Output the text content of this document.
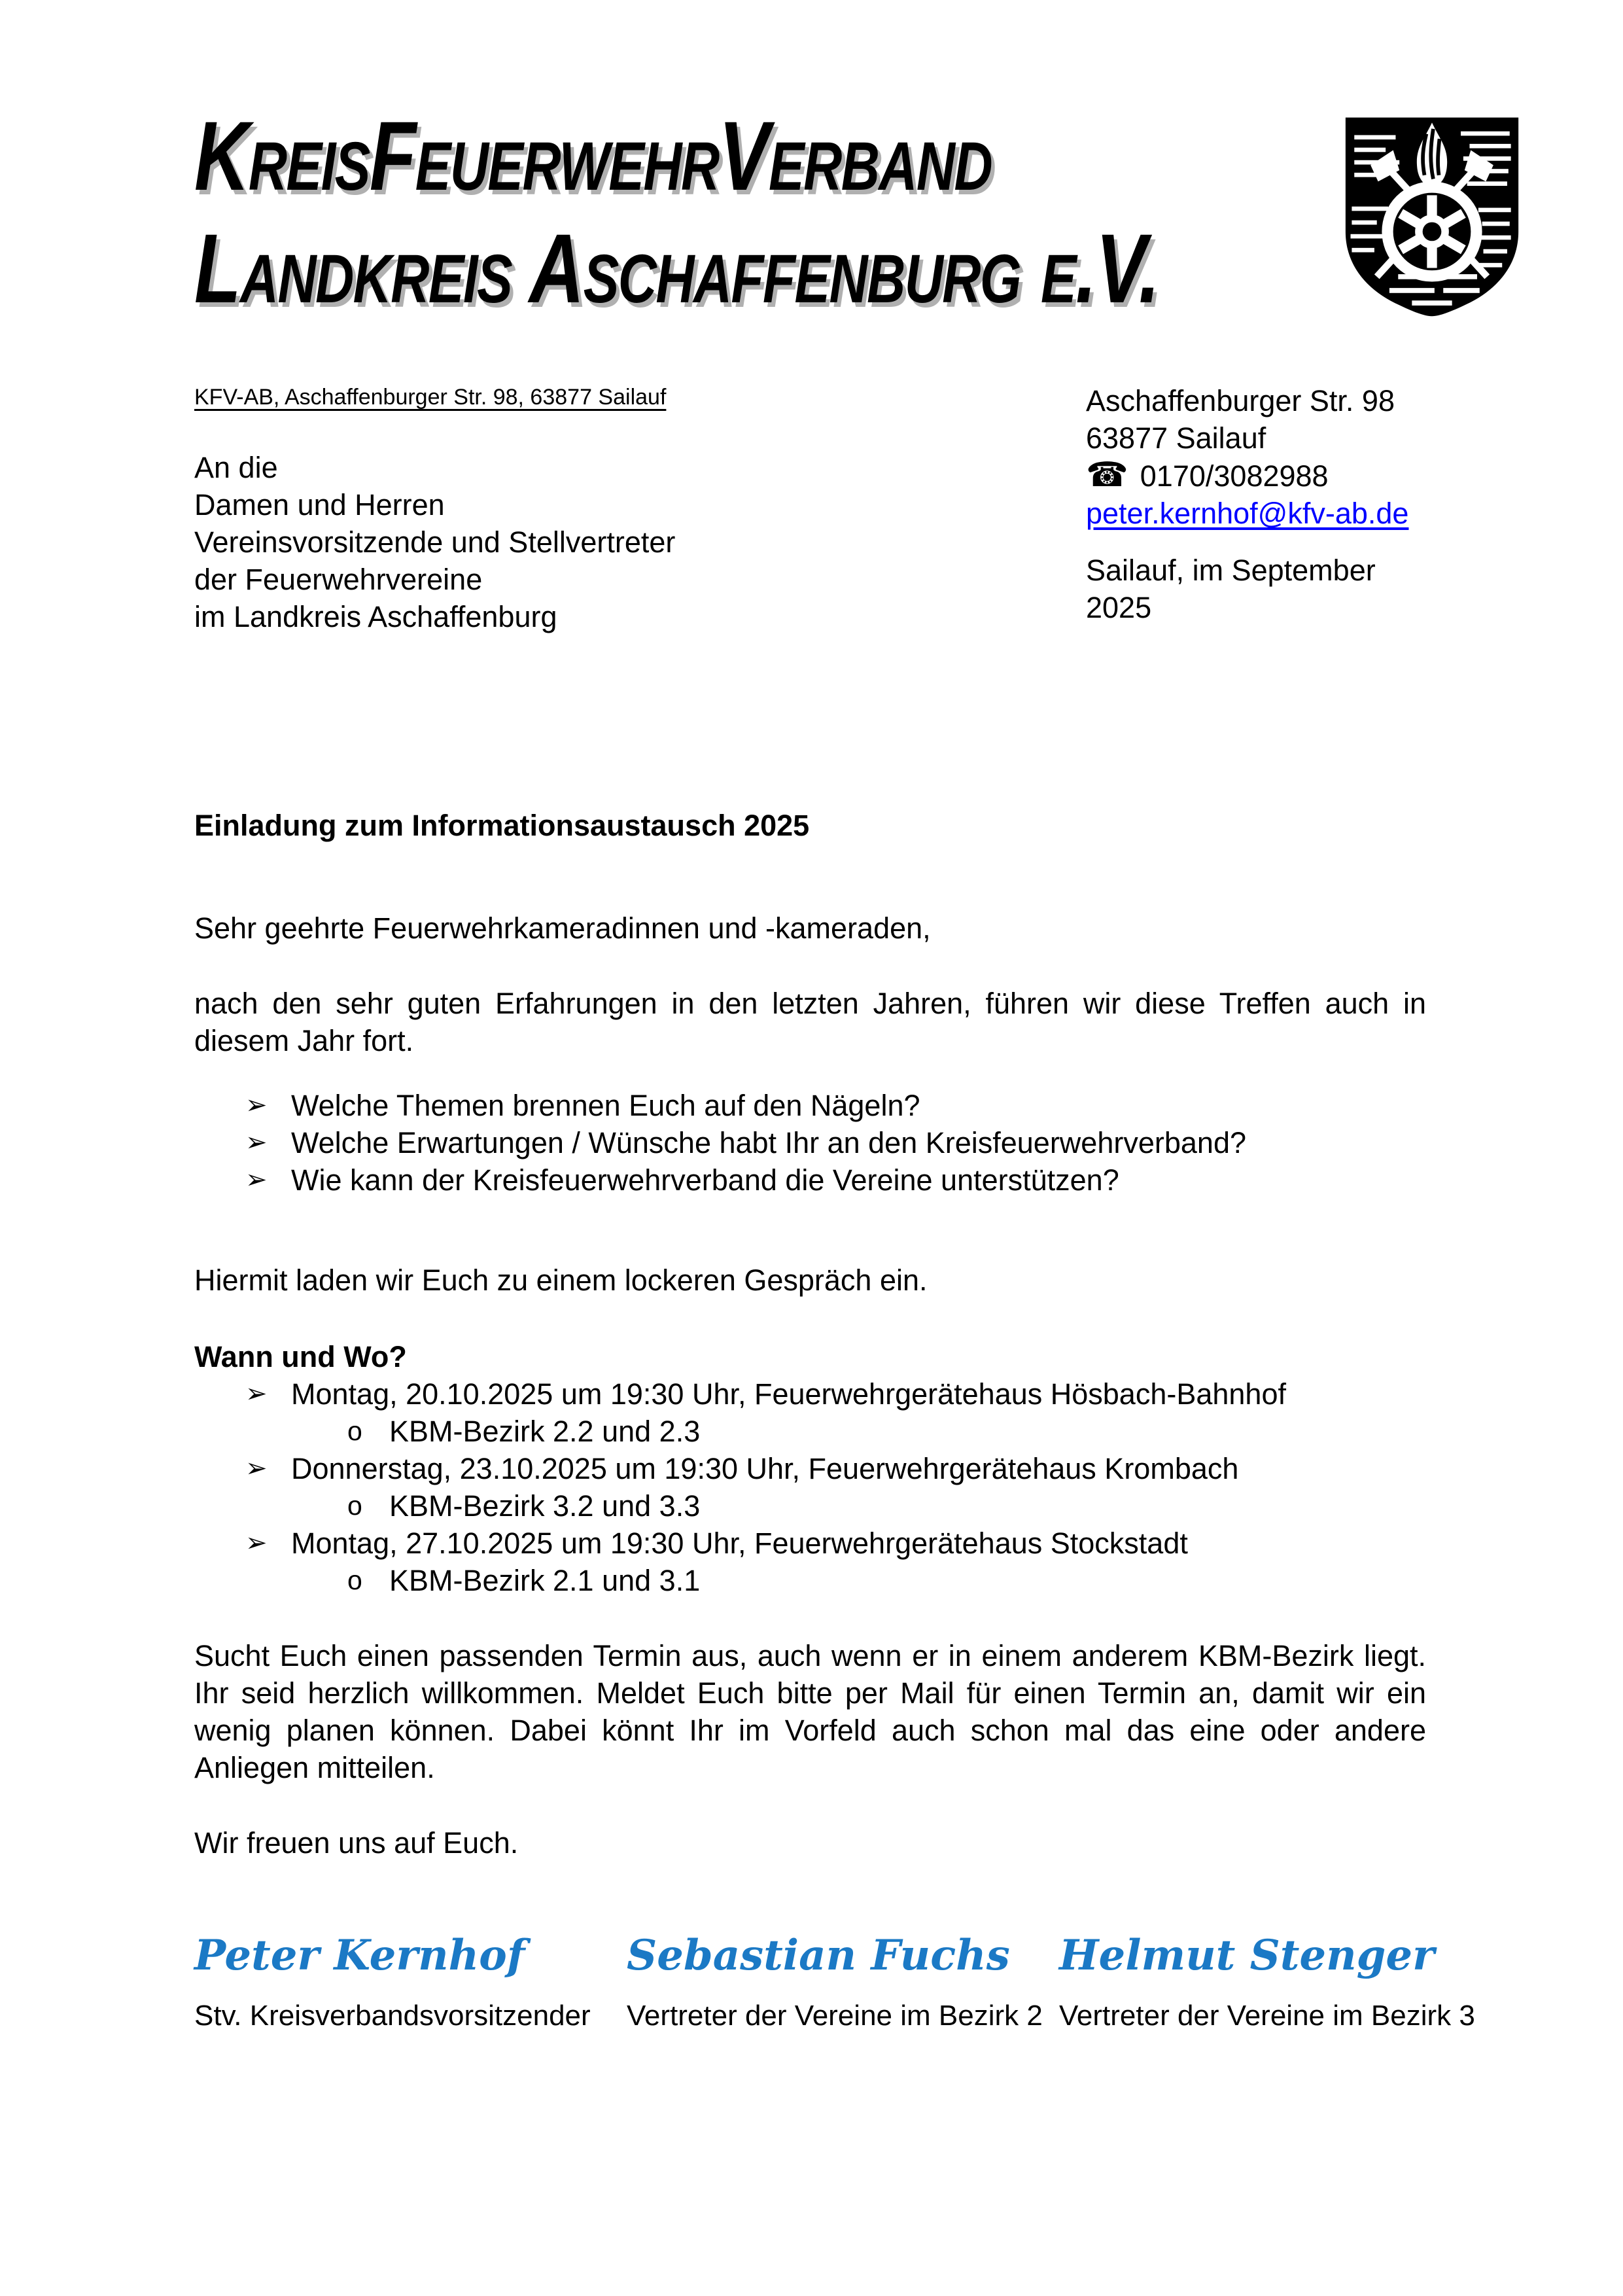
KreisFeuerwehrVerband
Landkreis Aschaffenburg e.V.
KFV-AB, Aschaffenburger Str. 98, 63877 Sailauf
An die
Damen und Herren
Vereinsvorsitzende und Stellvertreter
der Feuerwehrvereine
im Landkreis Aschaffenburg
Aschaffenburger Str. 98
63877 Sailauf
☎ 0170/3082988
peter.kernhof@kfv-ab.de
Sailauf, im September 2025
Einladung zum Informationsaustausch 2025
Sehr geehrte Feuerwehrkameradinnen und -kameraden,
nach den sehr guten Erfahrungen in den letzten Jahren, führen wir diese Treffen auch in diesem Jahr fort.
➢ Welche Themen brennen Euch auf den Nägeln?
➢ Welche Erwartungen / Wünsche habt Ihr an den Kreisfeuerwehrverband?
➢ Wie kann der Kreisfeuerwehrverband die Vereine unterstützen?
Hiermit laden wir Euch zu einem lockeren Gespräch ein.
Wann und Wo?
➢ Montag, 20.10.2025 um 19:30 Uhr, Feuerwehrgerätehaus Hösbach-Bahnhof
o KBM-Bezirk 2.2 und 2.3
➢ Donnerstag, 23.10.2025 um 19:30 Uhr, Feuerwehrgerätehaus Krombach
o KBM-Bezirk 3.2 und 3.3
➢ Montag, 27.10.2025 um 19:30 Uhr, Feuerwehrgerätehaus Stockstadt
o KBM-Bezirk 2.1 und 3.1
Sucht Euch einen passenden Termin aus, auch wenn er in einem anderem KBM-Bezirk liegt. Ihr seid herzlich willkommen. Meldet Euch bitte per Mail für einen Termin an, damit wir ein wenig planen können. Dabei könnt Ihr im Vorfeld auch schon mal das eine oder andere Anliegen mitteilen.
Wir freuen uns auf Euch.
Peter Kernhof
Stv. Kreisverbandsvorsitzender
Sebastian Fuchs
Vertreter der Vereine im Bezirk 2
Helmut Stenger
Vertreter der Vereine im Bezirk 3
